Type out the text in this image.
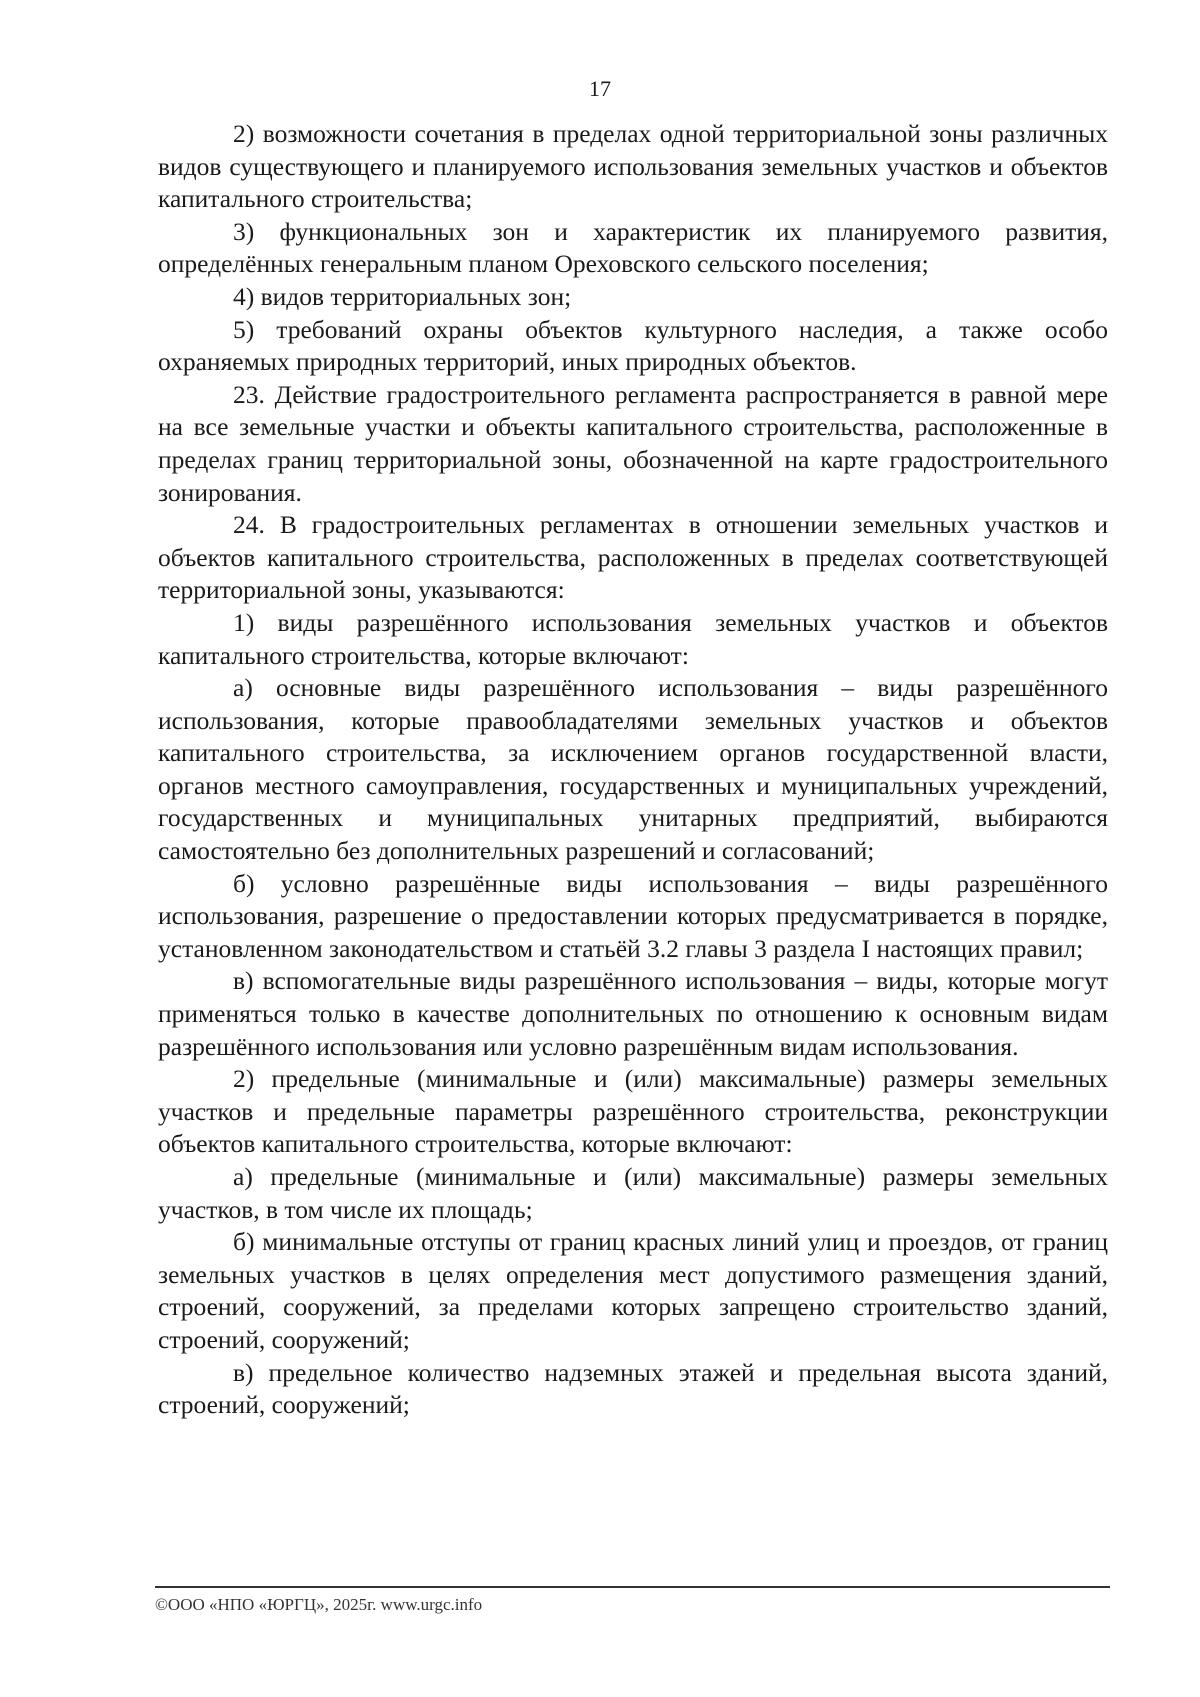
17

2) возможности сочетания в пределах одной территориальной зоны различных видов существующего и планируемого использования земельных участков и объектов капитального строительства;

3) функциональных зон и характеристик их планируемого развития, определённых генеральным планом Ореховского сельского поселения;

4) видов территориальных зон;

5) требований охраны объектов культурного наследия, а также особо охраняемых природных территорий, иных природных объектов.

23. Действие градостроительного регламента распространяется в равной мере на все земельные участки и объекты капитального строительства, расположенные в пределах границ территориальной зоны, обозначенной на карте градостроительного зонирования.

24. В градостроительных регламентах в отношении земельных участков и объектов капитального строительства, расположенных в пределах соответствующей территориальной зоны, указываются:

1) виды разрешённого использования земельных участков и объектов капитального строительства, которые включают:

а) основные виды разрешённого использования – виды разрешённого использования, которые правообладателями земельных участков и объектов капитального строительства, за исключением органов государственной власти, органов местного самоуправления, государственных и муниципальных учреждений, государственных и муниципальных унитарных предприятий, выбираются самостоятельно без дополнительных разрешений и согласований;

б) условно разрешённые виды использования – виды разрешённого использования, разрешение о предоставлении которых предусматривается в порядке, установленном законодательством и статьёй 3.2 главы 3 раздела I настоящих правил;

в) вспомогательные виды разрешённого использования – виды, которые могут применяться только в качестве дополнительных по отношению к основным видам разрешённого использования или условно разрешённым видам использования.

2) предельные (минимальные и (или) максимальные) размеры земельных участков и предельные параметры разрешённого строительства, реконструкции объектов капитального строительства, которые включают:

а) предельные (минимальные и (или) максимальные) размеры земельных участков, в том числе их площадь;

б) минимальные отступы от границ красных линий улиц и проездов, от границ земельных участков в целях определения мест допустимого размещения зданий, строений, сооружений, за пределами которых запрещено строительство зданий, строений, сооружений;

в) предельное количество надземных этажей и предельная высота зданий, строений, сооружений;

©ООО «НПО «ЮРГЦ», 2025г. www.urgc.info
